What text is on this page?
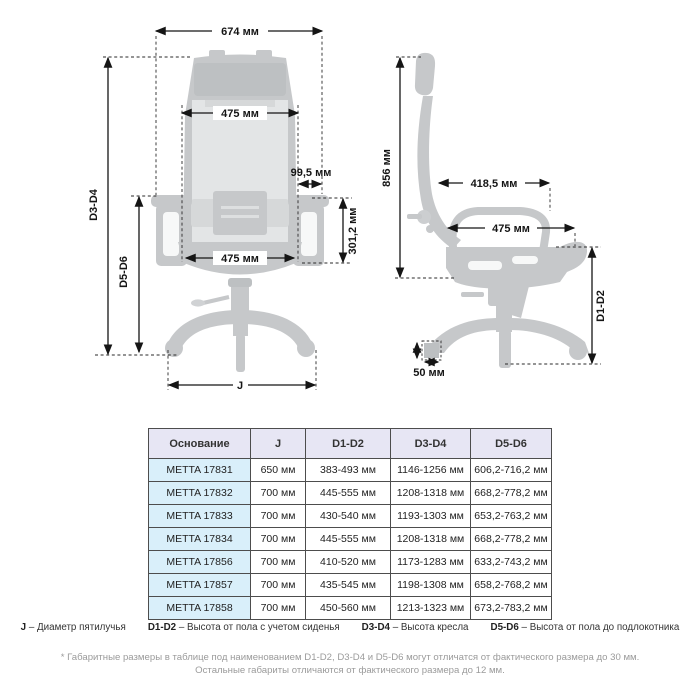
674 мм
475 мм
99,5 мм
301,2 мм
475 мм
D3-D4
D5-D6
J
856 мм	418,5 мм
475 мм
D1-D2
50 мм
Основание	J	D1-D2	D3-D4	D5-D6
METTA 17831	650 мм	383-493 мм	1146-1256 мм	606,2-716,2 мм
METTA 17832	700 мм	445-555 мм	1208-1318 мм	668,2-778,2 мм
METTA 17833	700 мм	430-540 мм	1193-1303 мм	653,2-763,2 мм
METTA 17834	700 мм	445-555 мм	1208-1318 мм	668,2-778,2 мм
METTA 17856	700 мм	410-520 мм	1173-1283 мм	633,2-743,2 мм
METTA 17857	700 мм	435-545 мм	1198-1308 мм	658,2-768,2 мм
METTA 17858	700 мм	450-560 мм	1213-1323 мм	673,2-783,2 мм
J – Диаметр пятилучья D1-D2 – Высота от пола с учетом сиденья D3-D4 – Высота кресла D5-D6 – Высота от пола до подлокотника
* Габаритные размеры в таблице под наименованием D1-D2, D3-D4 и D5-D6 могут отличатся от фактического размера до 30 мм.
Остальные габариты отличаются от фактического размера до 12 мм.
